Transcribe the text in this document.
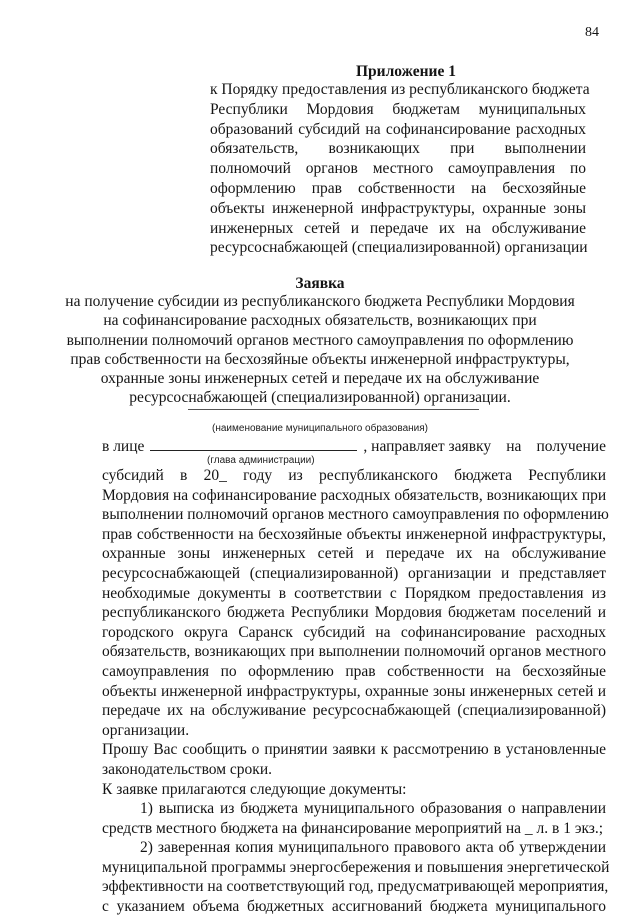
84
Приложение 1
к Порядку предоставления из республиканского бюджета
Республики Мордовия бюджетам муниципальных
образований субсидий на софинансирование расходных
обязательств, возникающих при выполнении
полномочий органов местного самоуправления по
оформлению прав собственности на бесхозяйные
объекты инженерной инфраструктуры, охранные зоны
инженерных сетей и передаче их на обслуживание
ресурсоснабжающей (специализированной) организации
Заявка
на получение субсидии из республиканского бюджета Республики Мордовия
на софинансирование расходных обязательств, возникающих при
выполнении полномочий органов местного самоуправления по оформлению
прав собственности на бесхозяйные объекты инженерной инфраструктуры,
охранные зоны инженерных сетей и передаче их на обслуживание
ресурсоснабжающей (специализированной) организации.
(наименование муниципального образования)
в лице	, направляет заявку на получение
(глава администрации)
субсидий в 20_ году из республиканского бюджета Республики
Мордовия на софинансирование расходных обязательств, возникающих при
выполнении полномочий органов местного самоуправления по оформлению
прав собственности на бесхозяйные объекты инженерной инфраструктуры,
охранные зоны инженерных сетей и передаче их на обслуживание
ресурсоснабжающей (специализированной) организации и представляет
необходимые документы в соответствии с Порядком предоставления из
республиканского бюджета Республики Мордовия бюджетам поселений и
городского округа Саранск субсидий на софинансирование расходных
обязательств, возникающих при выполнении полномочий органов местного
самоуправления по оформлению прав собственности на бесхозяйные
объекты инженерной инфраструктуры, охранные зоны инженерных сетей и
передаче их на обслуживание ресурсоснабжающей (специализированной)
организации.
Прошу Вас сообщить о принятии заявки к рассмотрению в установленные
законодательством сроки.
К заявке прилагаются следующие документы:
1) выписка из бюджета муниципального образования о направлении
средств местного бюджета на финансирование мероприятий на _ л. в 1 экз.;
2) заверенная копия муниципального правового акта об утверждении
муниципальной программы энергосбережения и повышения энергетической
эффективности на соответствующий год, предусматривающей мероприятия,
с указанием объема бюджетных ассигнований бюджета муниципального
